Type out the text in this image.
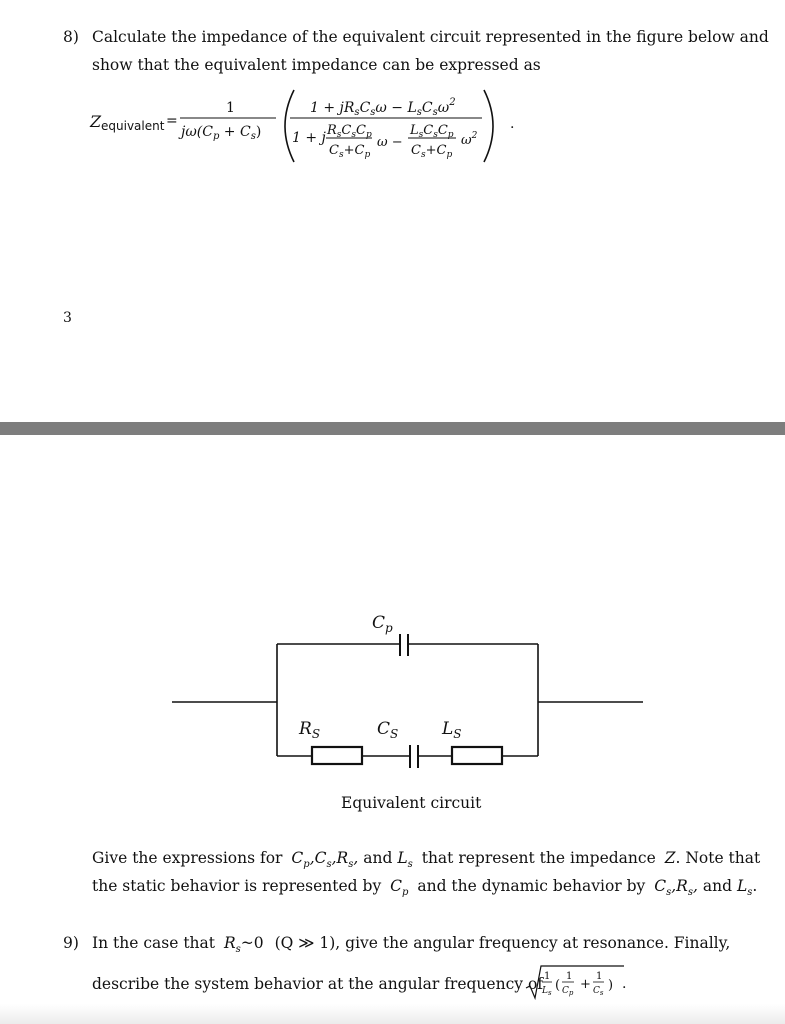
8) Calculate the impedance of the equivalent circuit represented in the figure below and
show that the equivalent impedance can be expressed as
Z equivalent =
1
$j\omega(C_p + C_s)$
$1 + jR_sC_s\omega - L_sC_s\omega^2$
1 + j $R_sC_sC_p$
$C_s+C_p$
ω −
$L_sC_sC_p$
$C_s+C_p$
$\omega^2$
.
3
$C_p$
$R_S$	$C_S$	$L_S$
Equivalent circuit
Give the expressions for $C_p,C_s,R_s$, and $L_s$ that represent the impedance Z. Note that
the static behavior is represented by $C_p$ and the dynamic behavior by $C_s,R_s$, and $L_s$.
9) In the case that $R_s\sim 0$ (Q ≫ 1), give the angular frequency at resonance. Finally,
describe the system behavior at the angular frequency of 1
$L_s$ (
1
$C_p$
+
1
$C_s$ ) .
